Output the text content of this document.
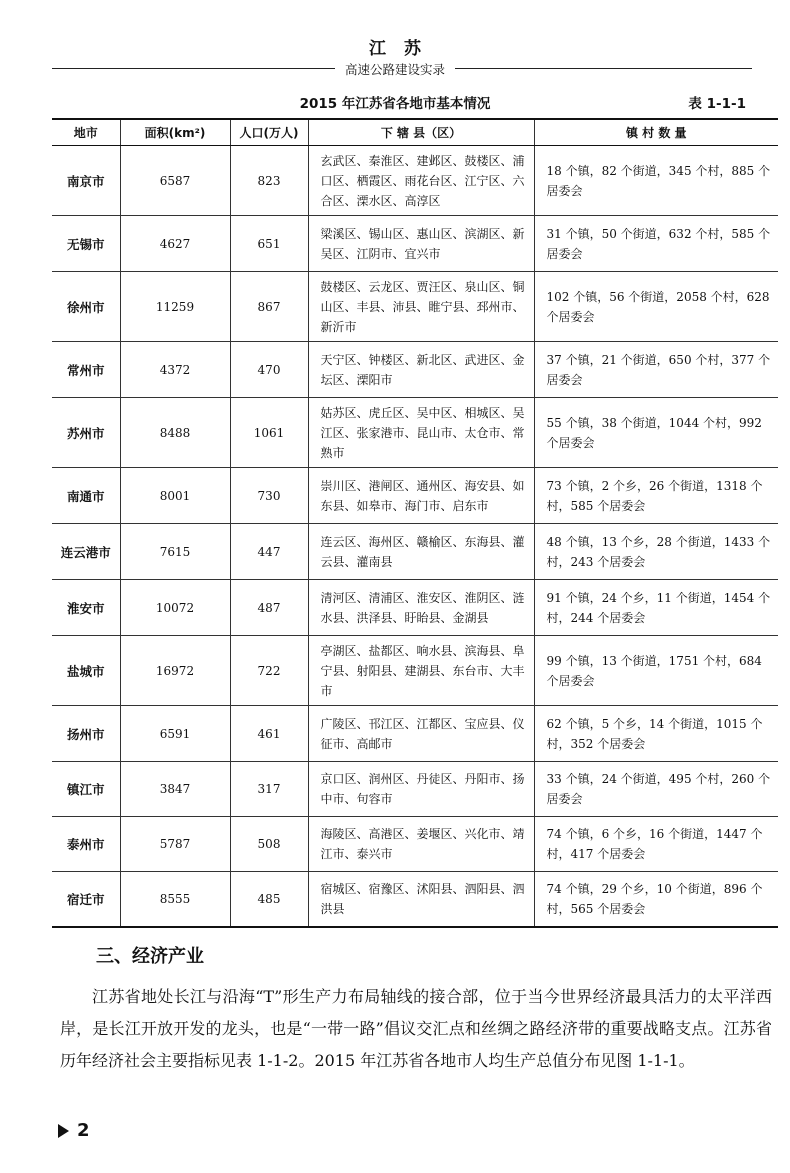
江苏
高速公路建设实录
2015 年江苏省各地市基本情况	表 1-1-1
地市	面积(km²)	人口(万人)	下 辖 县（区）	镇 村 数 量
南京市	6587	823	玄武区、秦淮区、建邺区、鼓楼区、浦口区、栖霞区、雨花台区、江宁区、六合区、溧水区、高淳区	18 个镇，82 个街道，345 个村，885 个居委会
无锡市	4627	651	梁溪区、锡山区、惠山区、滨湖区、新吴区、江阴市、宜兴市	31 个镇，50 个街道，632 个村，585 个居委会
徐州市	11259	867	鼓楼区、云龙区、贾汪区、泉山区、铜山区、丰县、沛县、睢宁县、邳州市、新沂市	102 个镇，56 个街道，2058 个村，628 个居委会
常州市	4372	470	天宁区、钟楼区、新北区、武进区、金坛区、溧阳市	37 个镇，21 个街道，650 个村，377 个居委会
苏州市	8488	1061	姑苏区、虎丘区、吴中区、相城区、吴江区、张家港市、昆山市、太仓市、常熟市	55 个镇，38 个街道，1044 个村，992 个居委会
南通市	8001	730	崇川区、港闸区、通州区、海安县、如东县、如皋市、海门市、启东市	73 个镇，2 个乡，26 个街道，1318 个村，585 个居委会
连云港市	7615	447	连云区、海州区、赣榆区、东海县、灌云县、灌南县	48 个镇，13 个乡，28 个街道，1433 个村，243 个居委会
淮安市	10072	487	清河区、清浦区、淮安区、淮阴区、涟水县、洪泽县、盱眙县、金湖县	91 个镇，24 个乡，11 个街道，1454 个村，244 个居委会
盐城市	16972	722	亭湖区、盐都区、响水县、滨海县、阜宁县、射阳县、建湖县、东台市、大丰市	99 个镇，13 个街道，1751 个村，684 个居委会
扬州市	6591	461	广陵区、邗江区、江都区、宝应县、仪征市、高邮市	62 个镇，5 个乡，14 个街道，1015 个村，352 个居委会
镇江市	3847	317	京口区、润州区、丹徒区、丹阳市、扬中市、句容市	33 个镇，24 个街道，495 个村，260 个居委会
泰州市	5787	508	海陵区、高港区、姜堰区、兴化市、靖江市、泰兴市	74 个镇，6 个乡，16 个街道，1447 个村，417 个居委会
宿迁市	8555	485	宿城区、宿豫区、沭阳县、泗阳县、泗洪县	74 个镇，29 个乡，10 个街道，896 个村，565 个居委会
三、经济产业

江苏省地处长江与沿海“T”形生产力布局轴线的接合部，位于当今世界经济最具活力的太平洋西岸，是长江开放开发的龙头，也是“一带一路”倡议交汇点和丝绸之路经济带的重要战略支点。江苏省历年经济社会主要指标见表 1-1-2。2015 年江苏省各地市人均生产总值分布见图 1-1-1。

2
